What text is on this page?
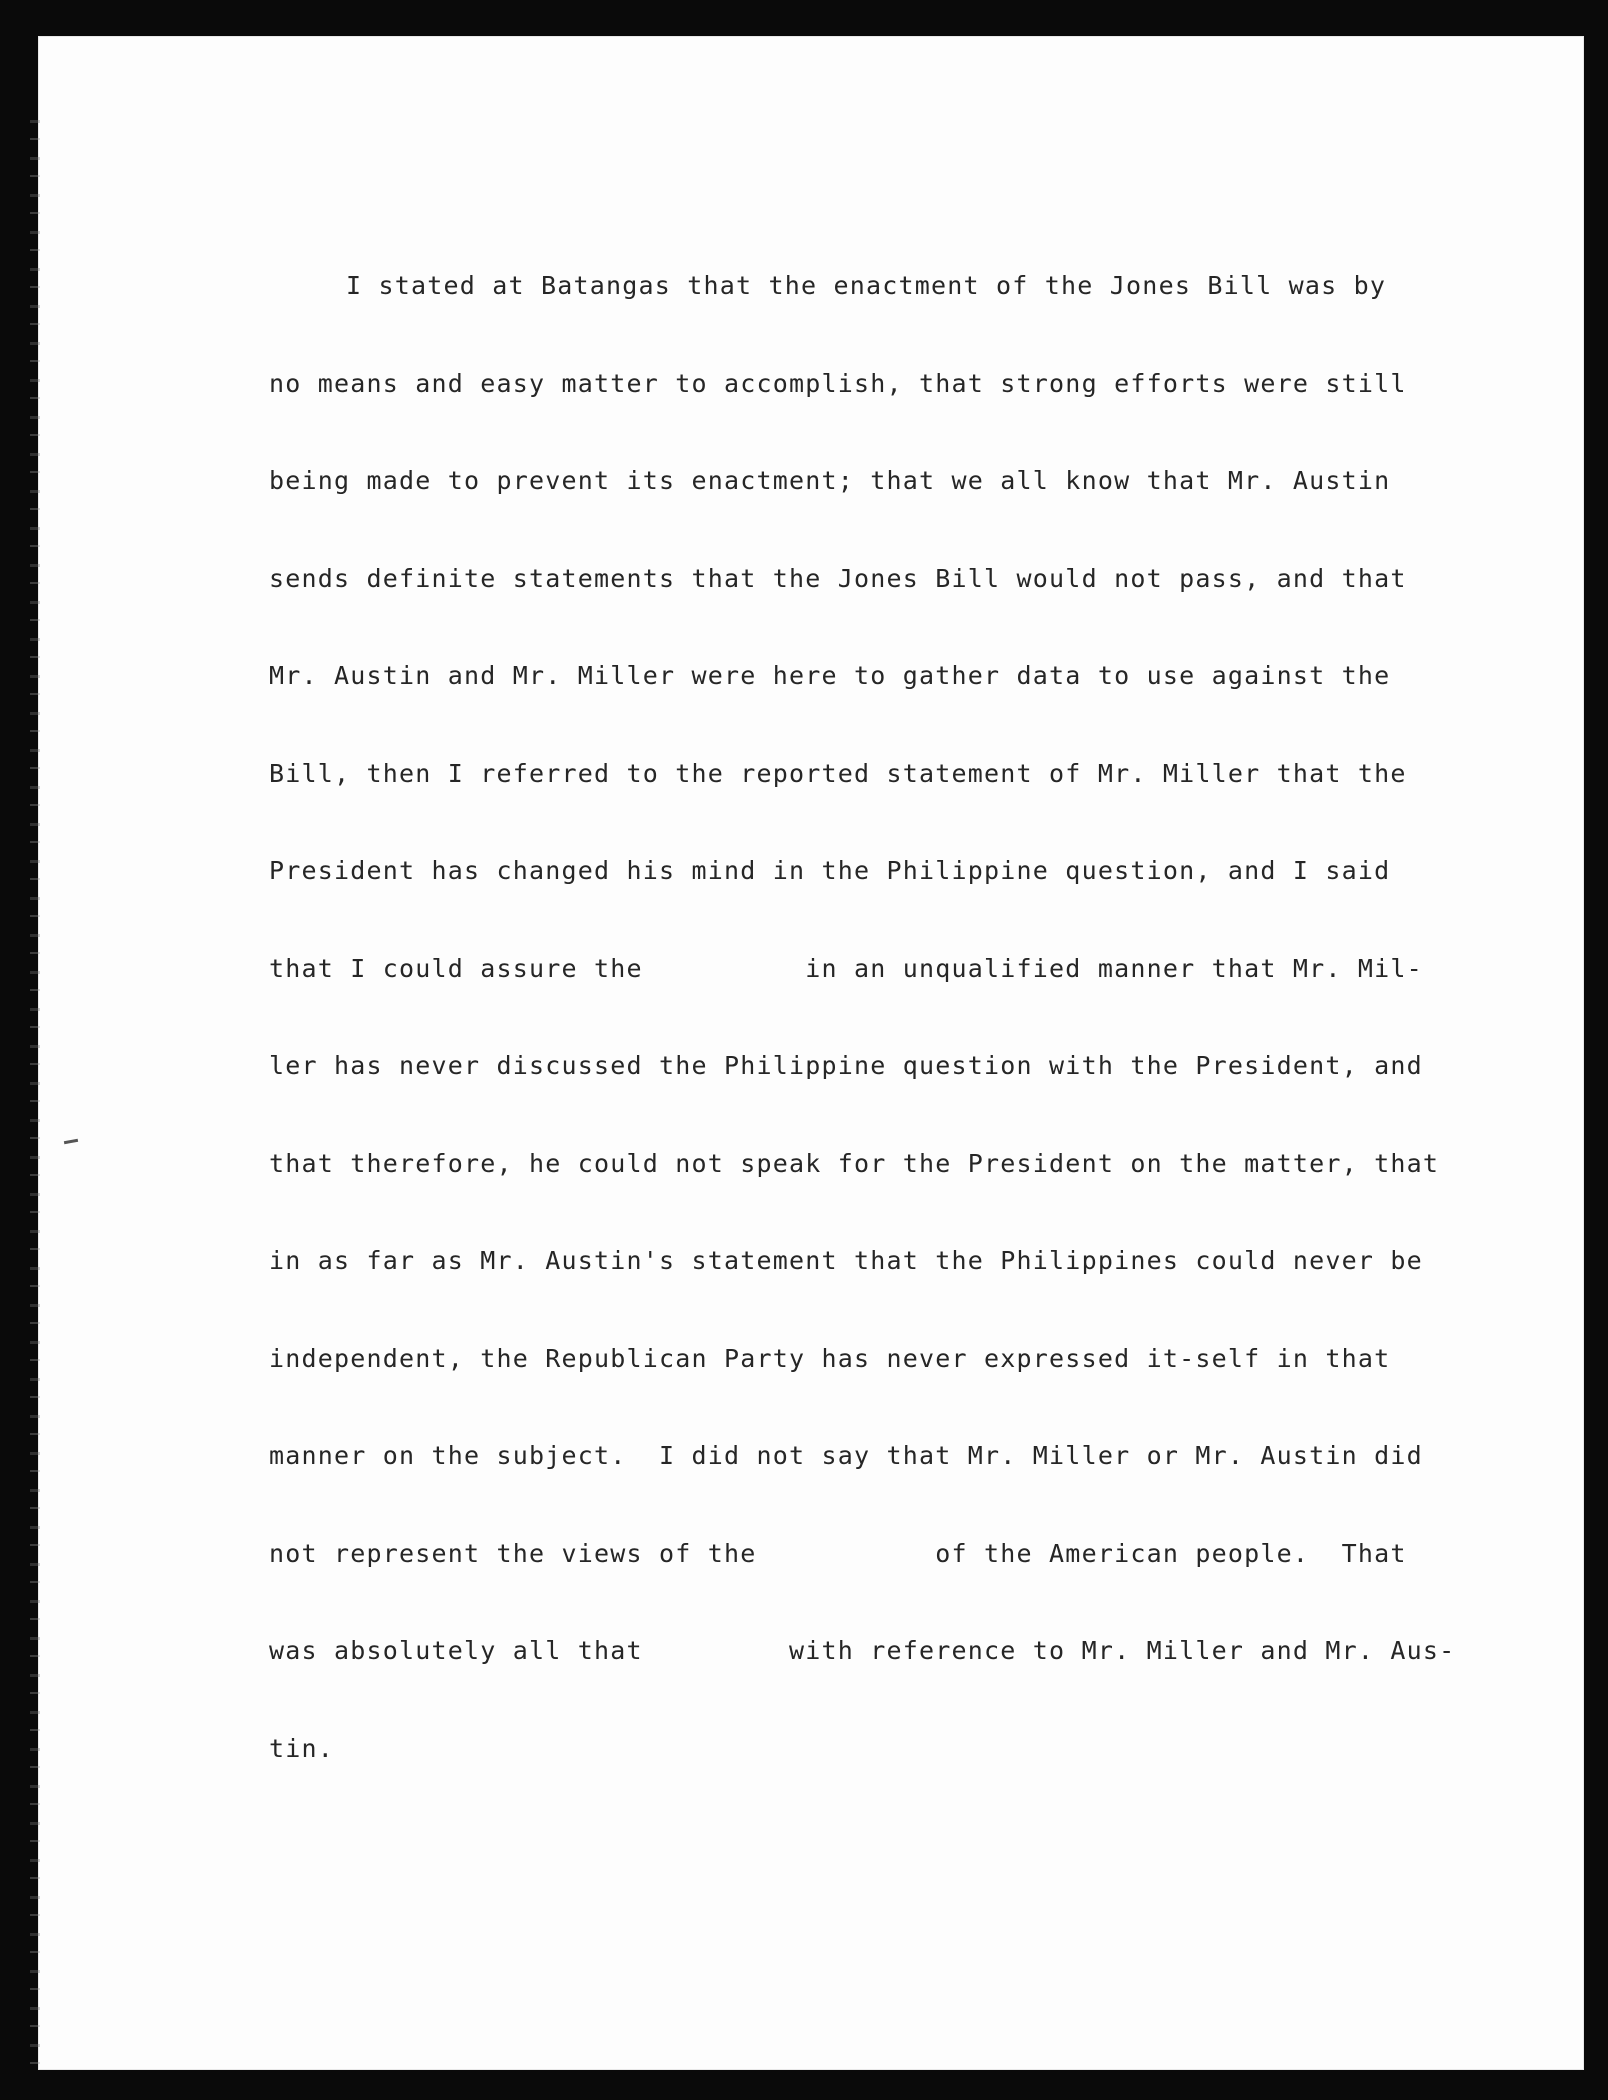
I stated at Batangas that the enactment of the Jones Bill was by

no means and easy matter to accomplish, that strong efforts were still

being made to prevent its enactment; that we all know that Mr. Austin

sends definite statements that the Jones Bill would not pass, and that

Mr. Austin and Mr. Miller were here to gather data to use against the

Bill, then I referred to the reported statement of Mr. Miller that the

President has changed his mind in the Philippine question, and I said

that I could assure the          in an unqualified manner that Mr. Mil-

ler has never discussed the Philippine question with the President, and

that therefore, he could not speak for the President on the matter, that

in as far as Mr. Austin's statement that the Philippines could never be

independent, the Republican Party has never expressed it-self in that

manner on the subject.  I did not say that Mr. Miller or Mr. Austin did

not represent the views of the           of the American people.  That

was absolutely all that         with reference to Mr. Miller and Mr. Aus-

tin.
